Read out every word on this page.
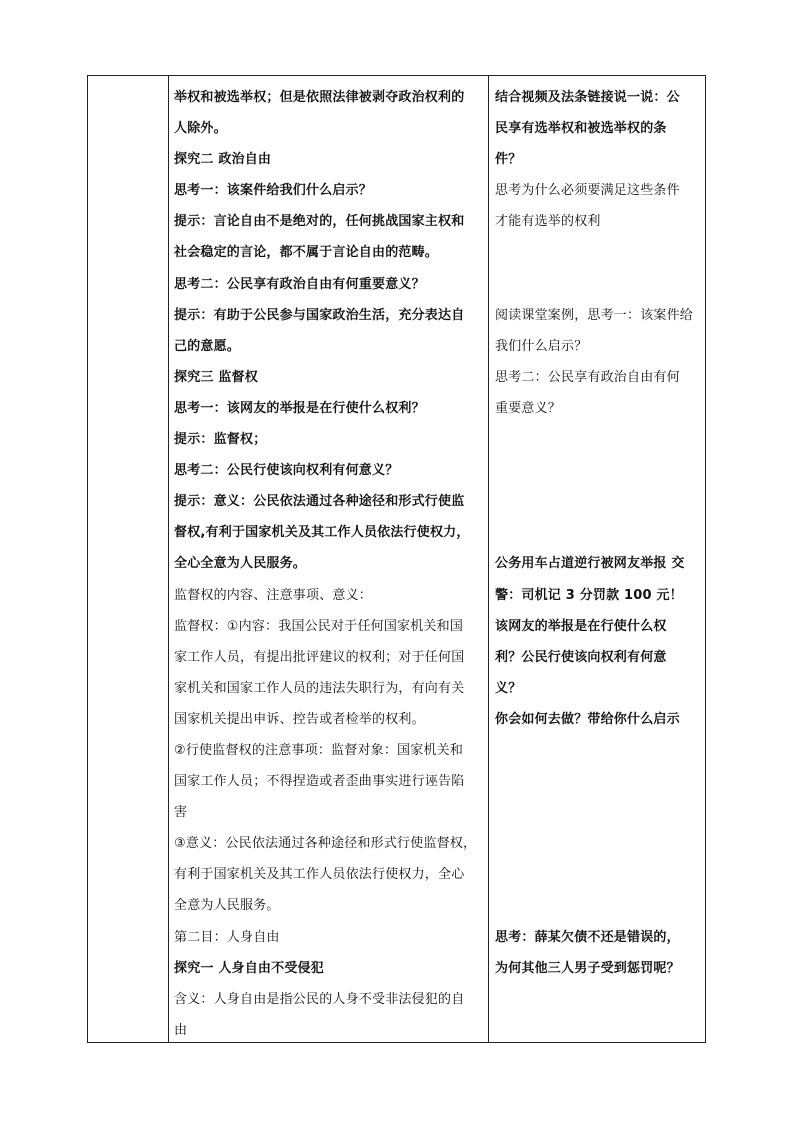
举权和被选举权；但是依照法律被剥夺政治权利的
人除外。
探究二 政治自由
思考一：该案件给我们什么启示？
提示：言论自由不是绝对的，任何挑战国家主权和
社会稳定的言论，都不属于言论自由的范畴。
思考二：公民享有政治自由有何重要意义？
提示：有助于公民参与国家政治生活，充分表达自
己的意愿。
探究三 监督权
思考一：该网友的举报是在行使什么权利？
提示：监督权；
思考二：公民行使该向权利有何意义？
提示：意义：公民依法通过各种途径和形式行使监
督权,有利于国家机关及其工作人员依法行使权力，
全心全意为人民服务。
监督权的内容、注意事项、意义：
监督权：①内容：我国公民对于任何国家机关和国
家工作人员，有提出批评建议的权利；对于任何国
家机关和国家工作人员的违法失职行为，有向有关
国家机关提出申诉、控告或者检举的权利。
②行使监督权的注意事项：监督对象：国家机关和
国家工作人员；不得捏造或者歪曲事实进行诬告陷
害
③意义：公民依法通过各种途径和形式行使监督权，
有利于国家机关及其工作人员依法行使权力，全心
全意为人民服务。
第二目：人身自由
探究一 人身自由不受侵犯
含义：人身自由是指公民的人身不受非法侵犯的自
由
结合视频及法条链接说一说：公
民享有选举权和被选举权的条
件？
思考为什么必须要满足这些条件
才能有选举的权利

阅读课堂案例，思考一：该案件给
我们什么启示？
思考二：公民享有政治自由有何
重要意义？

公务用车占道逆行被网友举报 交
警：司机记 3 分罚款 100 元！
该网友的举报是在行使什么权
利？公民行使该向权利有何意
义？
你会如何去做？带给你什么启示

思考：薛某欠债不还是错误的，
为何其他三人男子受到惩罚呢？
